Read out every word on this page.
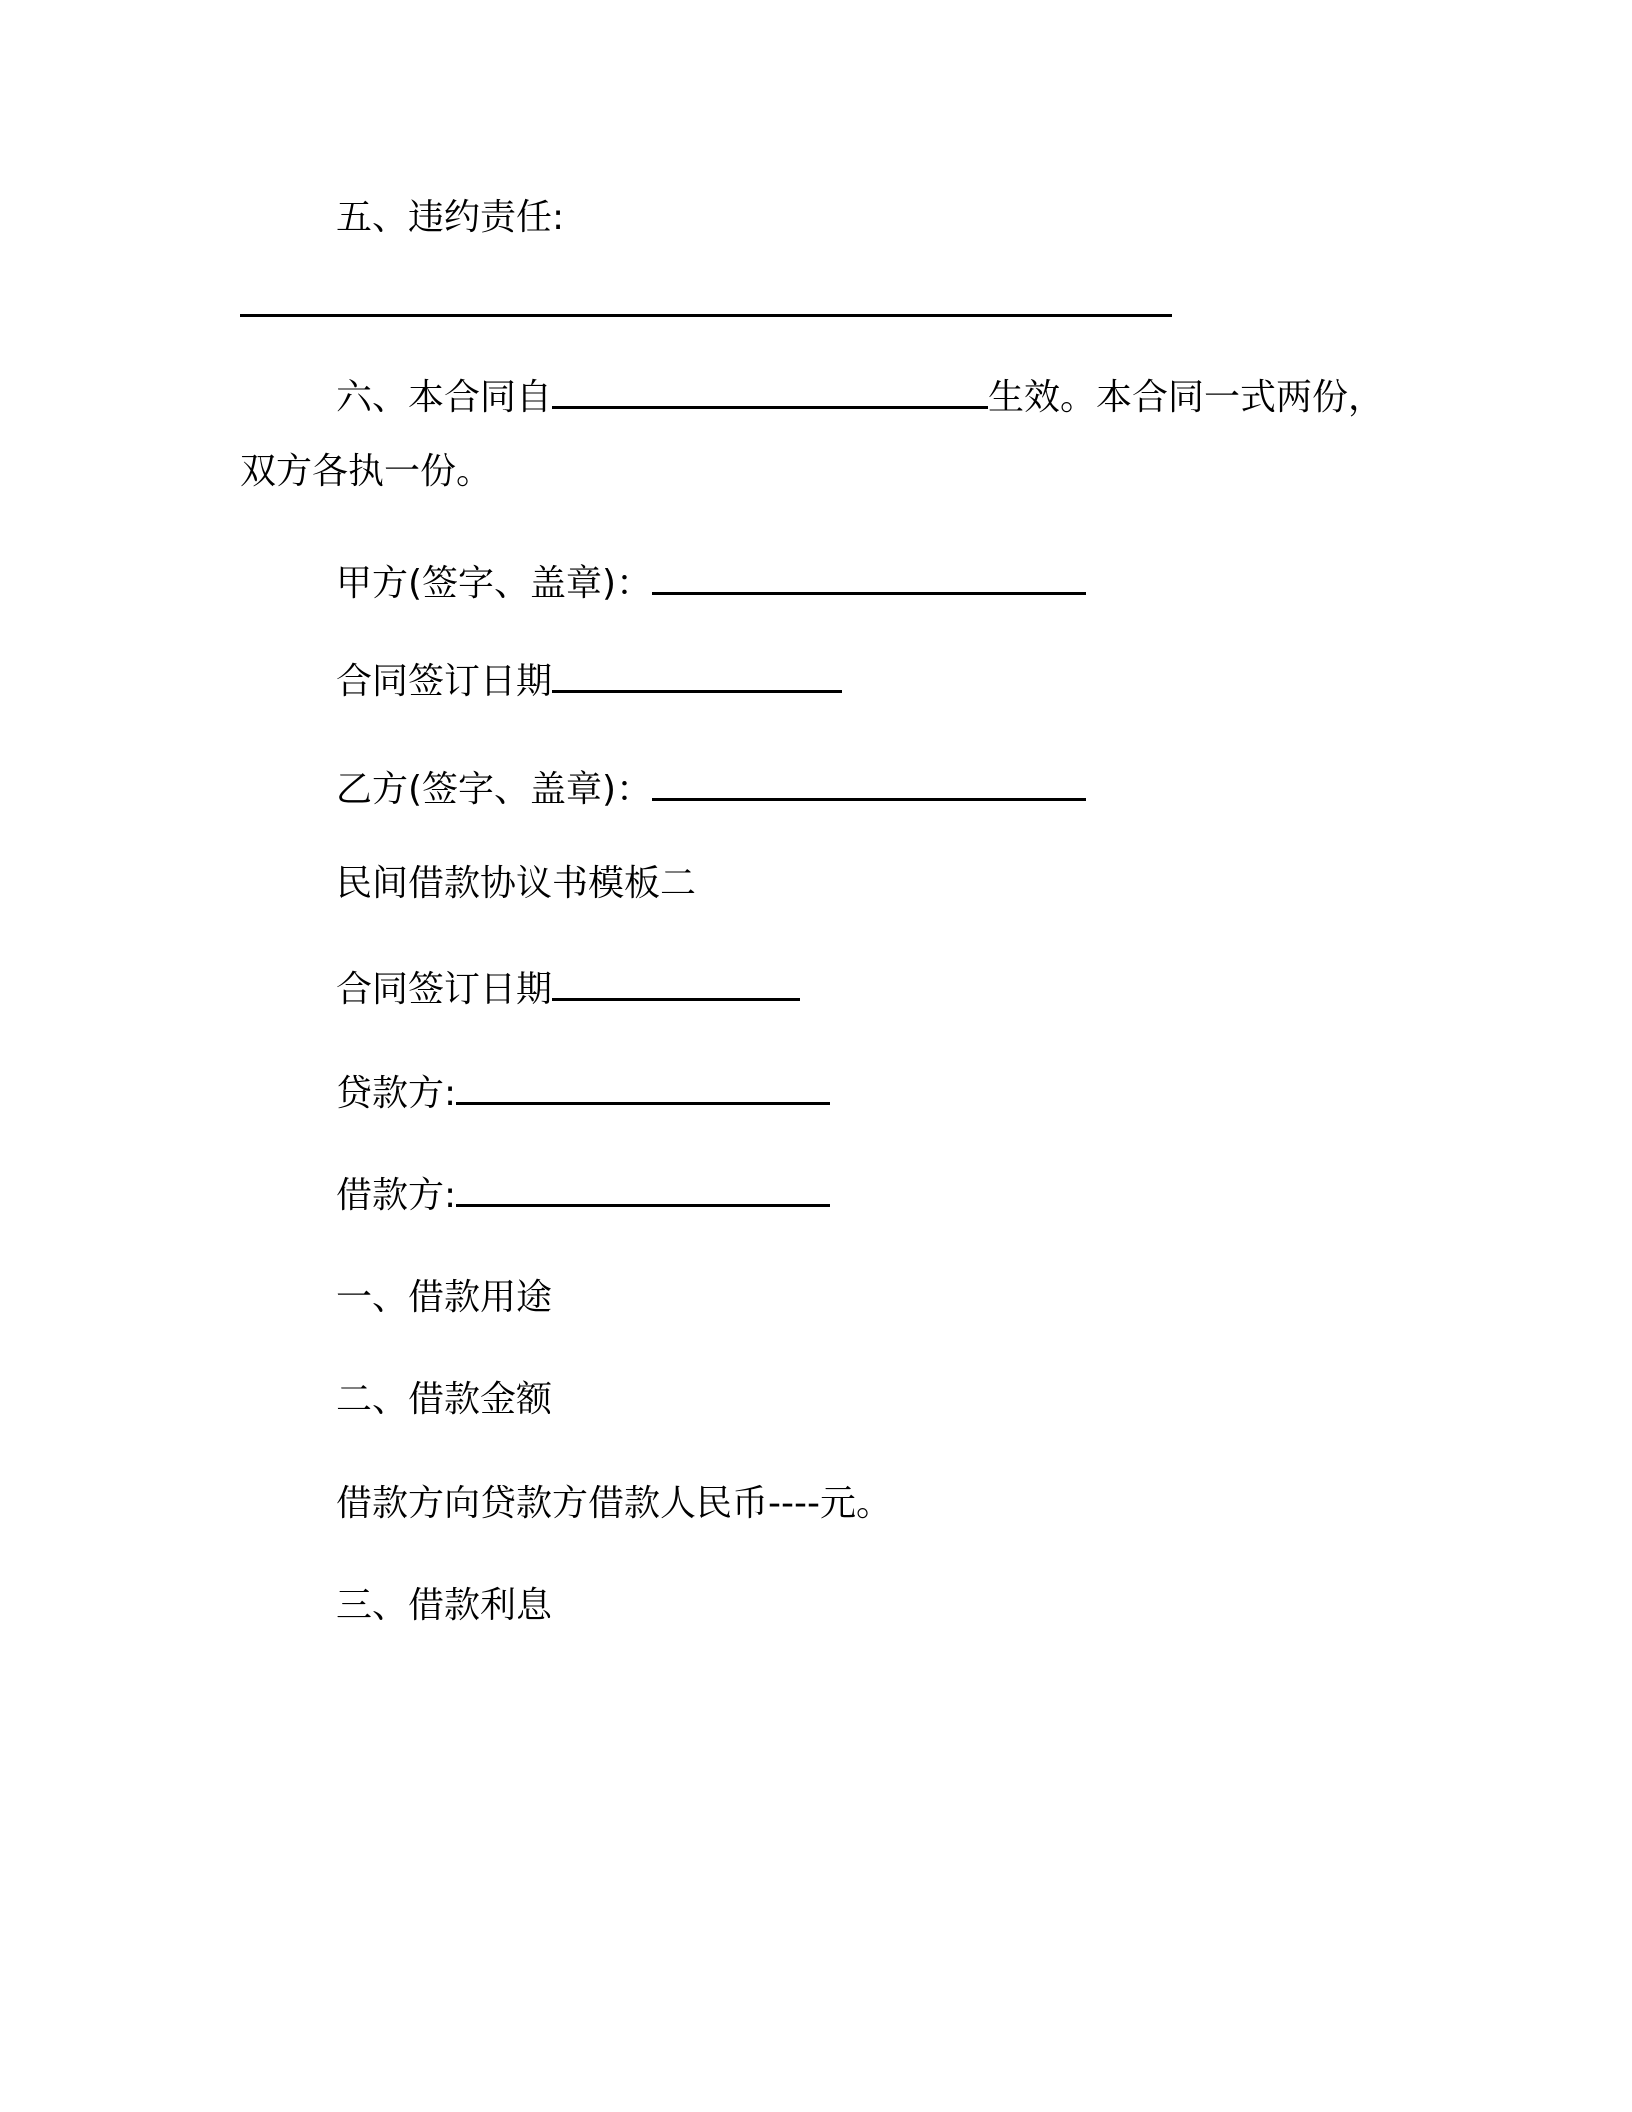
五、违约责任:
六、本合同自	生效。本合同一式两份，
双方各执一份。
甲方(签字、盖章)：
合同签订日期
乙方(签字、盖章)：
民间借款协议书模板二
合同签订日期
贷款方:
借款方:
一、借款用途
二、借款金额
借款方向贷款方借款人民币----元。
三、借款利息
